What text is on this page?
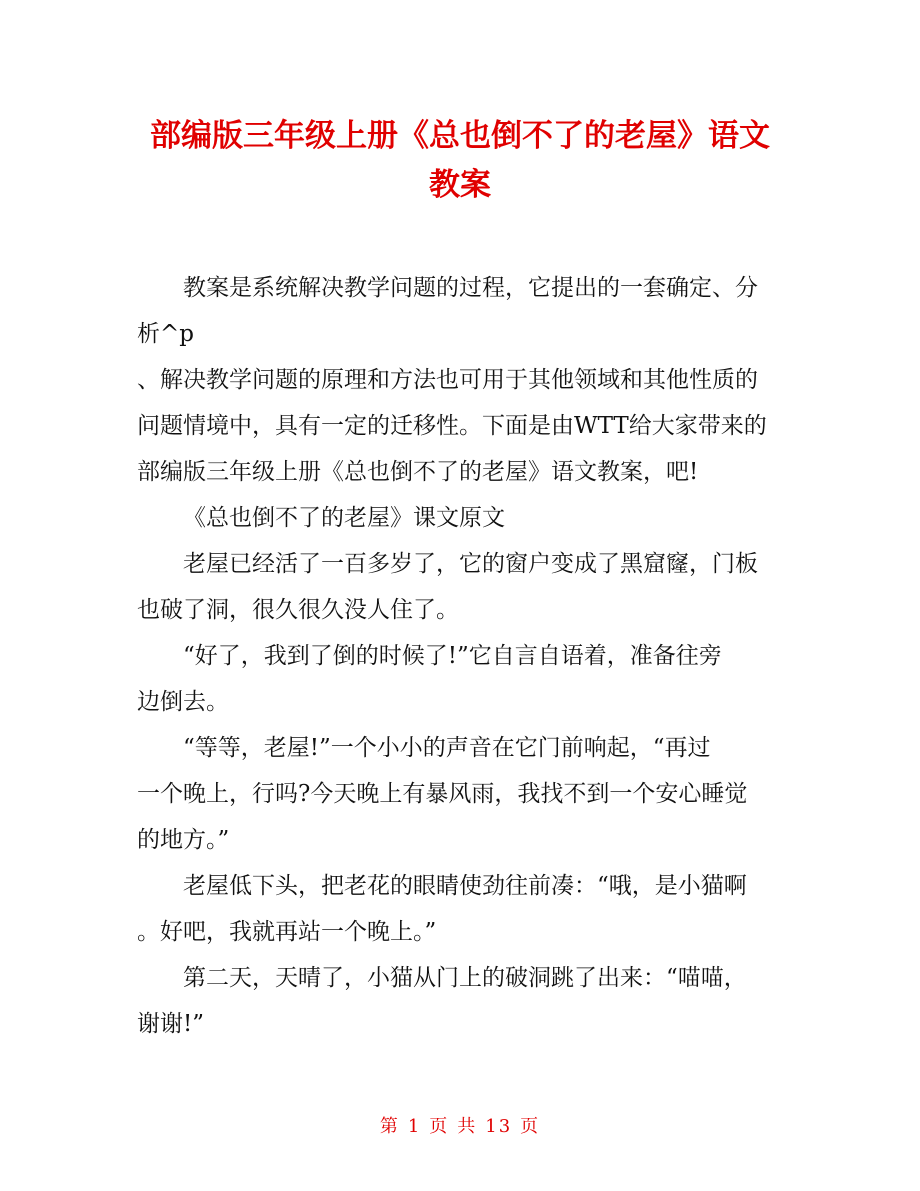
部编版三年级上册《总也倒不了的老屋》语文
教案

教案是系统解决教学问题的过程，它提出的一套确定、分
析^p

、解决教学问题的原理和方法也可用于其他领域和其他性质的
问题情境中，具有一定的迁移性。下面是由WTT给大家带来的
部编版三年级上册《总也倒不了的老屋》语文教案，吧!

《总也倒不了的老屋》课文原文

老屋已经活了一百多岁了，它的窗户变成了黑窟窿，门板
也破了洞，很久很久没人住了。

“好了，我到了倒的时候了!”它自言自语着，准备往旁
边倒去。

“等等，老屋!”一个小小的声音在它门前响起，“再过
一个晚上，行吗?今天晚上有暴风雨，我找不到一个安心睡觉
的地方。”

老屋低下头，把老花的眼睛使劲往前凑：“哦，是小猫啊
。好吧，我就再站一个晚上。”

第二天，天晴了，小猫从门上的破洞跳了出来：“喵喵，
谢谢!”

第 1 页 共 13 页
